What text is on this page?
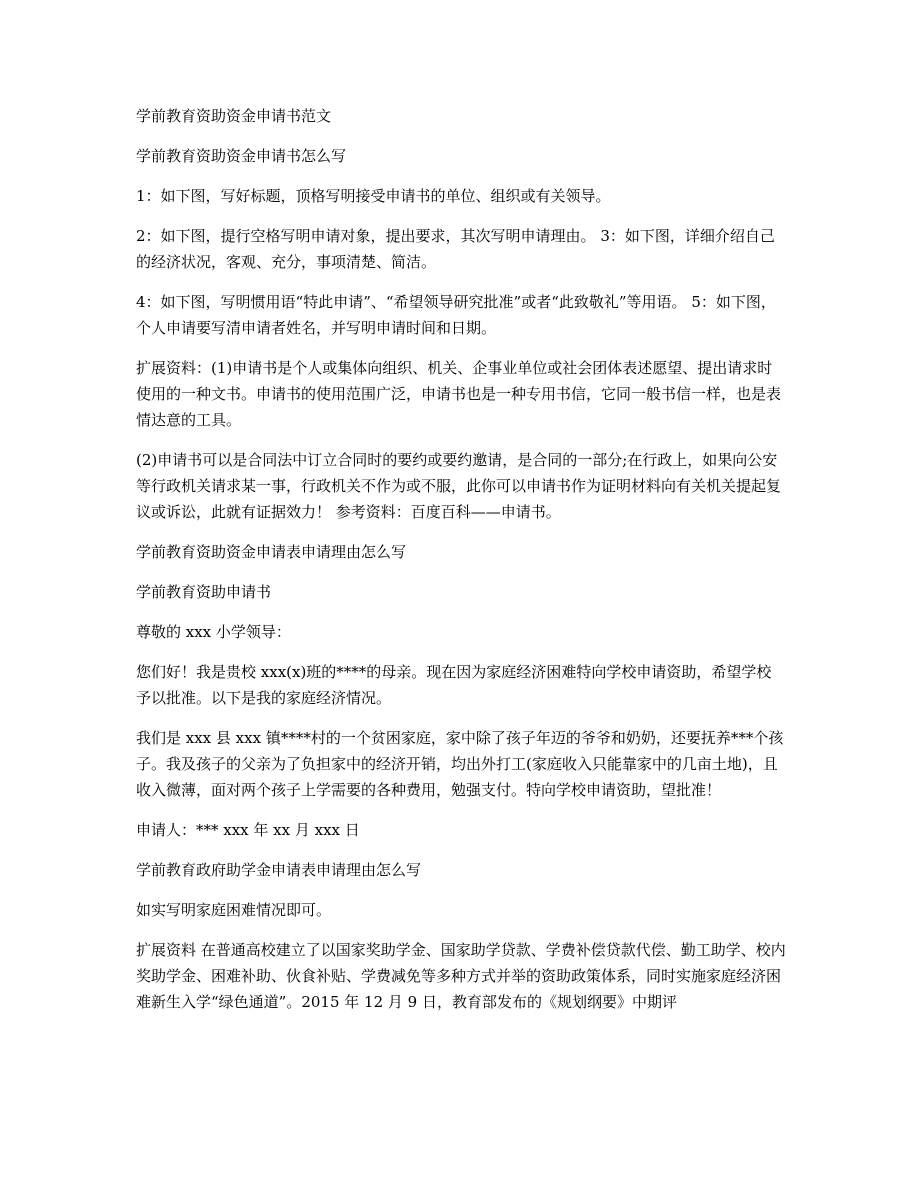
学前教育资助资金申请书范文

学前教育资助资金申请书怎么写

1：如下图，写好标题，顶格写明接受申请书的单位、组织或有关领导。

2：如下图，提行空格写明申请对象，提出要求，其次写明申请理由。 3：如下图，详细介绍自己的经济状况，客观、充分，事项清楚、简洁。

4：如下图，写明惯用语“特此申请”、“希望领导研究批准”或者“此致敬礼”等用语。 5：如下图，个人申请要写清申请者姓名，并写明申请时间和日期。

扩展资料：(1)申请书是个人或集体向组织、机关、企事业单位或社会团体表述愿望、提出请求时使用的一种文书。申请书的使用范围广泛，申请书也是一种专用书信，它同一般书信一样，也是表情达意的工具。

(2)申请书可以是合同法中订立合同时的要约或要约邀请，是合同的一部分;在行政上，如果向公安等行政机关请求某一事，行政机关不作为或不服，此你可以申请书作为证明材料向有关机关提起复议或诉讼，此就有证据效力！ 参考资料：百度百科——申请书。

学前教育资助资金申请表申请理由怎么写

学前教育资助申请书

尊敬的 xxx 小学领导：

您们好！我是贵校 xxx(x)班的****的母亲。现在因为家庭经济困难特向学校申请资助，希望学校予以批准。以下是我的家庭经济情况。

我们是 xxx 县 xxx 镇****村的一个贫困家庭，家中除了孩子年迈的爷爷和奶奶，还要抚养***个孩子。我及孩子的父亲为了负担家中的经济开销，均出外打工(家庭收入只能靠家中的几亩土地)，且收入微薄，面对两个孩子上学需要的各种费用，勉强支付。特向学校申请资助，望批准！

申请人：*** xxx 年 xx 月 xxx 日

学前教育政府助学金申请表申请理由怎么写

如实写明家庭困难情况即可。

扩展资料 在普通高校建立了以国家奖助学金、国家助学贷款、学费补偿贷款代偿、勤工助学、校内奖助学金、困难补助、伙食补贴、学费减免等多种方式并举的资助政策体系，同时实施家庭经济困难新生入学“绿色通道”。2015 年 12 月 9 日，教育部发布的《规划纲要》中期评
